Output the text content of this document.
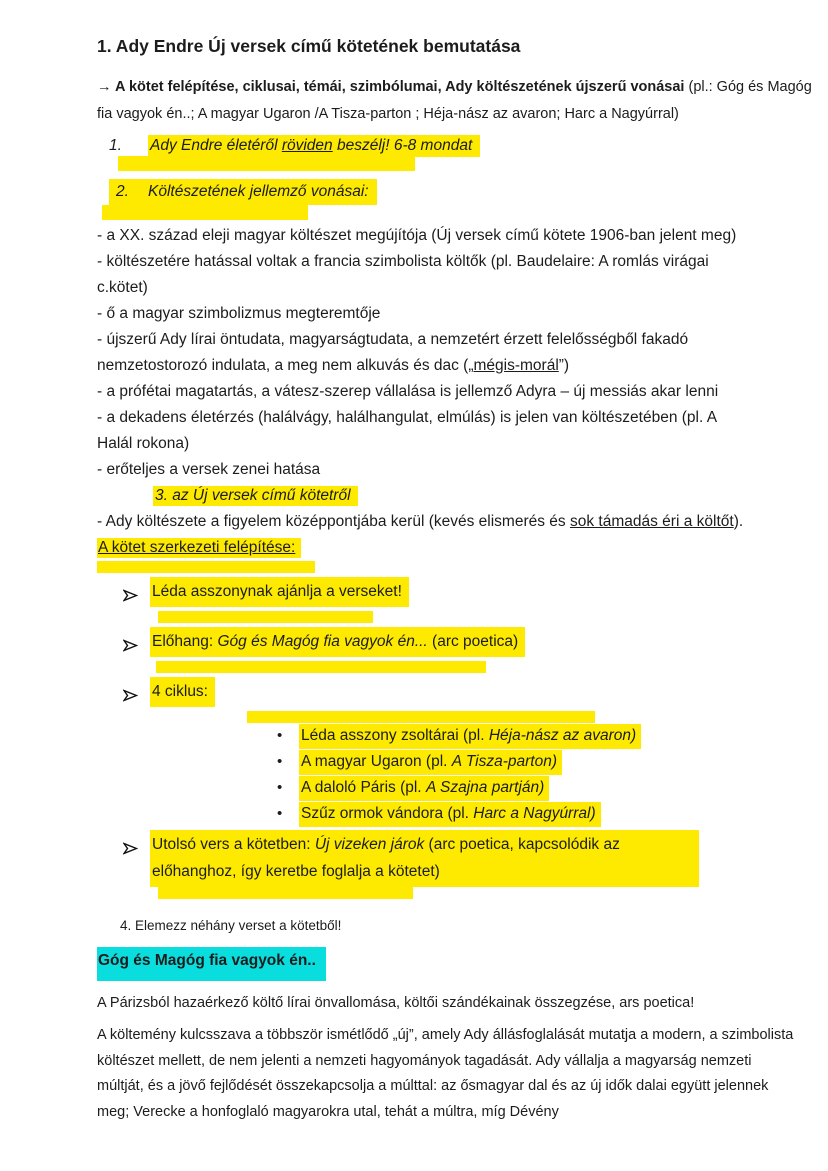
1. Ady Endre Új versek című kötetének bemutatása

→ A kötet felépítése, ciklusai, témái, szimbólumai, Ady költészetének újszerű vonásai (pl.: Góg és Magóg fia vagyok én..; A magyar Ugaron /A Tisza-parton ; Héja-nász az avaron; Harc a Nagyúrral)

1. Ady Endre életéről röviden beszélj! 6-8 mondat
2. Költészetének jellemző vonásai:

- a XX. század eleji magyar költészet megújítója (Új versek című kötete 1906-ban jelent meg)

- költészetére hatással voltak a francia szimbolista költők (pl. Baudelaire: A romlás virágai c.kötet)

- ő a magyar szimbolizmus megteremtője

- újszerű Ady lírai öntudata, magyarságtudata, a nemzetért érzett felelősségből fakadó nemzetostorozó indulata, a meg nem alkuvás és dac („mégis-morál”)

- a prófétai magatartás, a vátesz-szerep vállalása is jellemző Adyra – új messiás akar lenni

- a dekadens életérzés (halálvágy, halálhangulat, elmúlás) is jelen van költészetében (pl. A Halál rokona)

- erőteljes a versek zenei hatása

3. az Új versek című kötetről

- Ady költészete a figyelem középpontjába kerül (kevés elismerés és sok támadás éri a költőt).

A kötet szerkezeti felépítése:

Léda asszonynak ajánlja a verseket!
Előhang: Góg és Magóg fia vagyok én... (arc poetica)
4 ciklus:
•	Léda asszony zsoltárai (pl. Héja-nász az avaron)
•	A magyar Ugaron (pl. A Tisza-parton)
•	A daloló Páris (pl. A Szajna partján)
•	Szűz ormok vándora (pl. Harc a Nagyúrral)
Utolsó vers a kötetben: Új vizeken járok (arc poetica, kapcsolódik az előhanghoz, így keretbe foglalja a kötetet)

4. Elemezz néhány verset a kötetből!

Góg és Magóg fia vagyok én..

A Párizsból hazaérkező költő lírai önvallomása, költői szándékainak összegzése, ars poetica!

A költemény kulcsszava a többször ismétlődő „új”, amely Ady állásfoglalását mutatja a modern, a szimbolista költészet mellett, de nem jelenti a nemzeti hagyományok tagadását. Ady vállalja a magyarság nemzeti múltját, és a jövő fejlődését összekapcsolja a múlttal: az ősmagyar dal és az új idők dalai együtt jelennek meg; Verecke a honfoglaló magyarokra utal, tehát a múltra, míg Dévény
